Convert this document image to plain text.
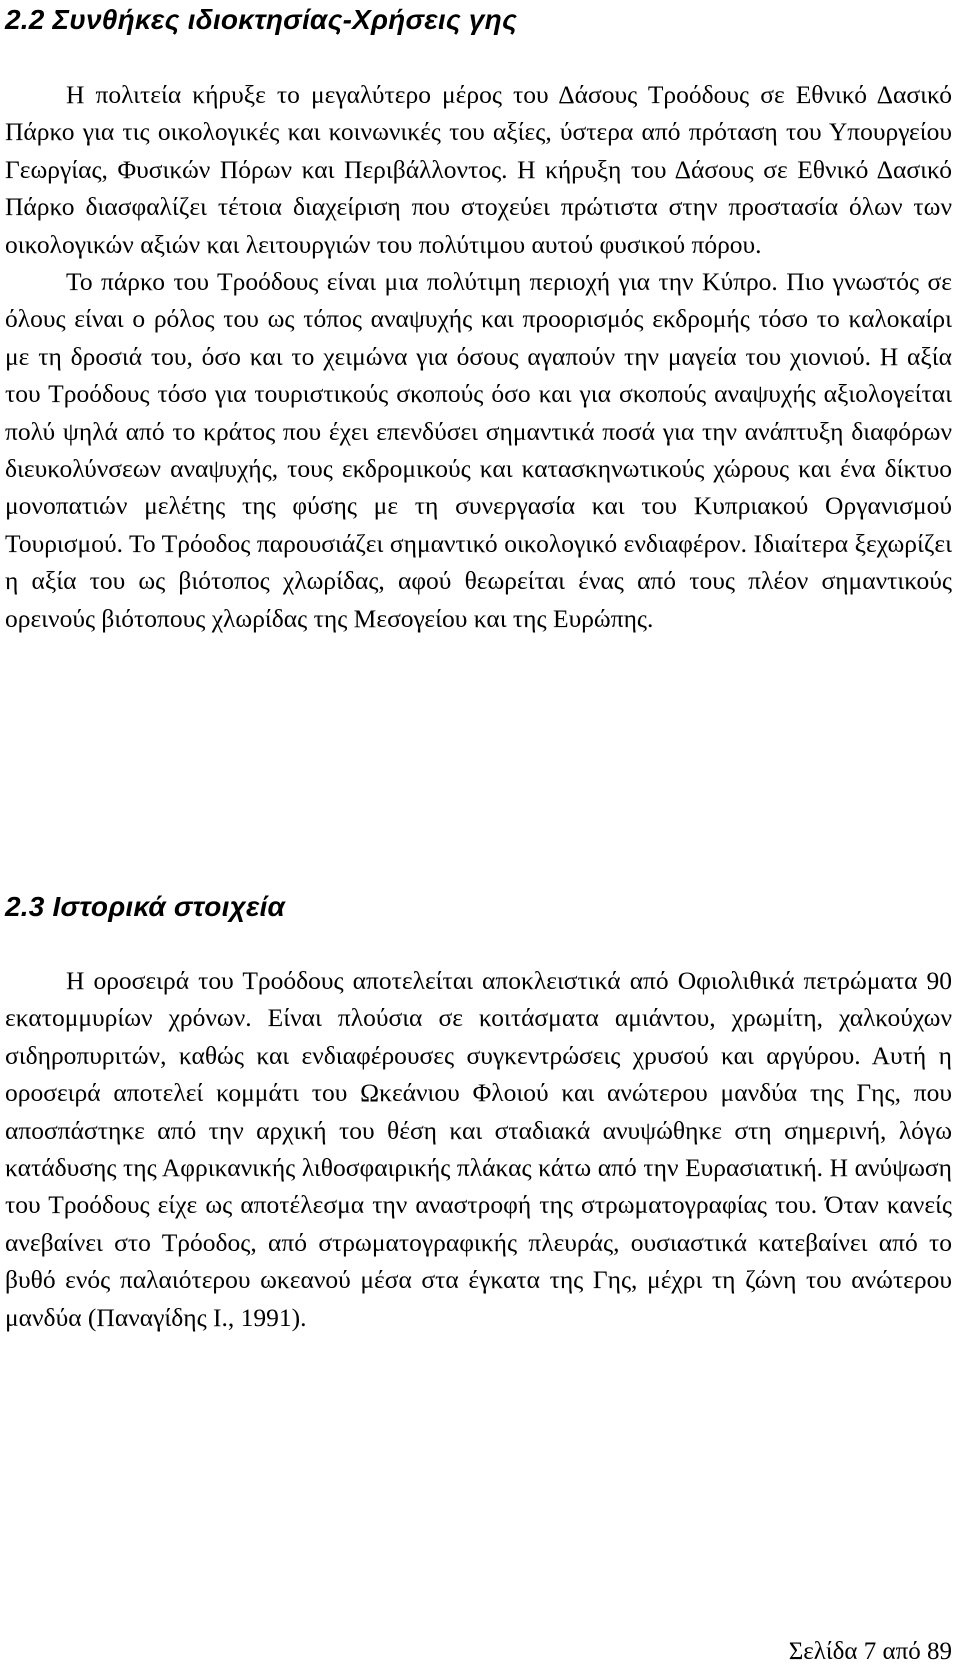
2.2 Συνθήκες ιδιοκτησίας-Χρήσεις γης

Η πολιτεία κήρυξε το μεγαλύτερο μέρος του Δάσους Τροόδους σε Εθνικό Δασικό Πάρκο για τις οικολογικές και κοινωνικές του αξίες, ύστερα από πρόταση του Υπουργείου Γεωργίας, Φυσικών Πόρων και Περιβάλλοντος. Η κήρυξη του Δάσους σε Εθνικό Δασικό Πάρκο διασφαλίζει τέτοια διαχείριση που στοχεύει πρώτιστα στην προστασία όλων των οικολογικών αξιών και λειτουργιών του πολύτιμου αυτού φυσικού πόρου.

Το πάρκο του Τροόδους είναι μια πολύτιμη περιοχή για την Κύπρο. Πιο γνωστός σε όλους είναι ο ρόλος του ως τόπος αναψυχής και προορισμός εκδρομής τόσο το καλοκαίρι με τη δροσιά του, όσο και το χειμώνα για όσους αγαπούν την μαγεία του χιονιού. Η αξία του Τροόδους τόσο για τουριστικούς σκοπούς όσο και για σκοπούς αναψυχής αξιολογείται πολύ ψηλά από το κράτος που έχει επενδύσει σημαντικά ποσά για την ανάπτυξη διαφόρων διευκολύνσεων αναψυχής, τους εκδρομικούς και κατασκηνωτικούς χώρους και ένα δίκτυο μονοπατιών μελέτης της φύσης με τη συνεργασία και του Κυπριακού Οργανισμού Τουρισμού. Το Τρόοδος παρουσιάζει σημαντικό οικολογικό ενδιαφέρον. Ιδιαίτερα ξεχωρίζει η αξία του ως βιότοπος χλωρίδας, αφού θεωρείται ένας από τους πλέον σημαντικούς ορεινούς βιότοπους χλωρίδας της Μεσογείου και της Ευρώπης.

2.3 Ιστορικά στοιχεία

Η οροσειρά του Τροόδους αποτελείται αποκλειστικά από Οφιολιθικά πετρώματα 90 εκατομμυρίων χρόνων. Είναι πλούσια σε κοιτάσματα αμιάντου, χρωμίτη, χαλκούχων σιδηροπυριτών, καθώς και ενδιαφέρουσες συγκεντρώσεις χρυσού και αργύρου. Αυτή η οροσειρά αποτελεί κομμάτι του Ωκεάνιου Φλοιού και ανώτερου μανδύα της Γης, που αποσπάστηκε από την αρχική του θέση και σταδιακά ανυψώθηκε στη σημερινή, λόγω κατάδυσης της Αφρικανικής λιθοσφαιρικής πλάκας κάτω από την Ευρασιατική. Η ανύψωση του Τροόδους είχε ως αποτέλεσμα την αναστροφή της στρωματογραφίας του. Όταν κανείς ανεβαίνει στο Τρόοδος, από στρωματογραφικής πλευράς, ουσιαστικά κατεβαίνει από το βυθό ενός παλαιότερου ωκεανού μέσα στα έγκατα της Γης, μέχρι τη ζώνη του ανώτερου μανδύα (Παναγίδης Ι., 1991).

Σελίδα 7 από 89
